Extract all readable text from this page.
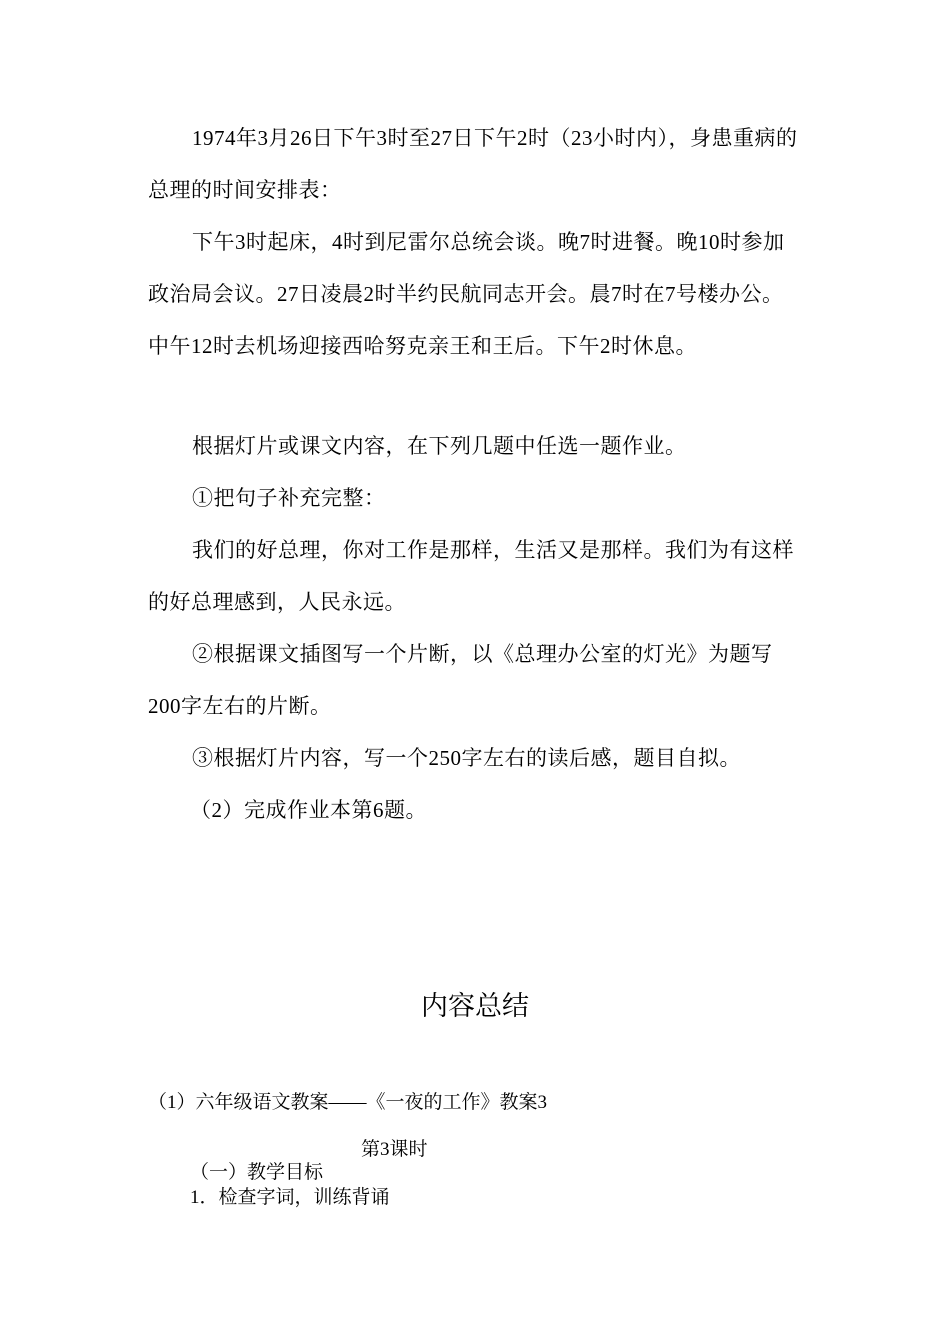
1974年3月26日下午3时至27日下午2时（23小时内），身患重病的总理的时间安排表：

下午3时起床，4时到尼雷尔总统会谈。晚7时进餐。晚10时参加政治局会议。27日凌晨2时半约民航同志开会。晨7时在7号楼办公。中午12时去机场迎接西哈努克亲王和王后。下午2时休息。

根据灯片或课文内容，在下列几题中任选一题作业。

①把句子补充完整：

我们的好总理，你对工作是那样，生活又是那样。我们为有这样的好总理感到，人民永远。

②根据课文插图写一个片断，以《总理办公室的灯光》为题写200字左右的片断。

③根据灯片内容，写一个250字左右的读后感，题目自拟。

（2）完成作业本第6题。

内容总结

（1）六年级语文教案——《一夜的工作》教案3

第3课时

（一）教学目标

1．检查字词，训练背诵
